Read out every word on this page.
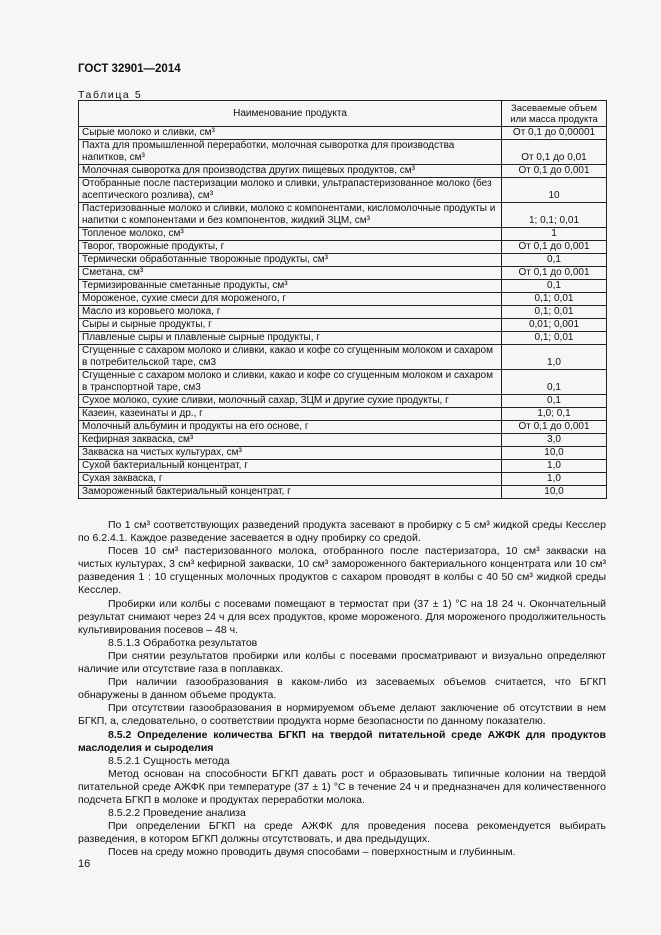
ГОСТ 32901—2014
Таблица 5
Наименование продукта	Засеваемые объем или масса продукта
Сырые молоко и сливки, см³	От 0,1 до 0,00001
Пахта для промышленной переработки, молочная сыворотка для производства напитков, см³	От 0,1 до 0,01
Молочная сыворотка для производства других пищевых продуктов, см³	От 0,1 до 0,001
Отобранные после пастеризации молоко и сливки, ультрапастеризованное молоко (без асептического розлива), см³	10
Пастеризованные молоко и сливки, молоко с компонентами, кисломолочные продукты и напитки с компонентами и без компонентов, жидкий ЗЦМ, см³	1; 0,1; 0,01
Топленое молоко, см³	1
Творог, творожные продукты, г	От 0,1 до 0,001
Термически обработанные творожные продукты, см³	0,1
Сметана, см³	От 0,1 до 0,001
Термизированные сметанные продукты, см³	0,1
Мороженое, сухие смеси для мороженого, г	0,1; 0,01
Масло из коровьего молока, г	0,1; 0,01
Сыры и сырные продукты, г	0,01; 0,001
Плавленые сыры и плавленые сырные продукты, г	0,1; 0,01
Сгущенные с сахаром молоко и сливки, какао и кофе со сгущенным молоком и сахаром в потребительской таре, см3	1,0
Сгущенные с сахаром молоко и сливки, какао и кофе со сгущенным молоком и сахаром в транспортной таре, см3	0,1
Сухое молоко, сухие сливки, молочный сахар, ЗЦМ и другие сухие продукты, г	0,1
Казеин, казеинаты и др., г	1,0; 0,1
Молочный альбумин и продукты на его основе, г	От 0,1 до 0,001
Кефирная закваска, см³	3,0
Закваска на чистых культурах, см³	10,0
Сухой бактериальный концентрат, г	1,0
Сухая закваска, г	1,0
Замороженный бактериальный концентрат, г	10,0

По 1 см³ соответствующих разведений продукта засевают в пробирку с 5 см³ жидкой среды Кесслер по 6.2.4.1. Каждое разведение засевается в одну пробирку со средой.

Посев 10 см³ пастеризованного молока, отобранного после пастеризатора, 10 см³ закваски на чистых культурах, 3 см³ кефирной закваски, 10 см³ замороженного бактериального концентрата или 10 см³ разведения 1 : 10 сгущенных молочных продуктов с сахаром проводят в колбы с 40 50 см³ жидкой среды Кесслер.

Пробирки или колбы с посевами помещают в термостат при (37 ± 1) °С на 18 24 ч. Окончательный результат снимают через 24 ч для всех продуктов, кроме мороженого. Для мороженого продолжительность культивирования посевов – 48 ч.

8.5.1.3 Обработка результатов

При снятии результатов пробирки или колбы с посевами просматривают и визуально определяют наличие или отсутствие газа в поплавках.

При наличии газообразования в каком-либо из засеваемых объемов считается, что БГКП обнаружены в данном объеме продукта.

При отсутствии газообразования в нормируемом объеме делают заключение об отсутствии в нем БГКП, а, следовательно, о соответствии продукта норме безопасности по данному показателю.

8.5.2 Определение количества БГКП на твердой питательной среде АЖФК для продуктов маслоделия и сыроделия

8.5.2.1 Сущность метода

Метод основан на способности БГКП давать рост и образовывать типичные колонии на твердой питательной среде АЖФК при температуре (37 ± 1) °С в течение 24 ч и предназначен для количественного подсчета БГКП в молоке и продуктах переработки молока.

8.5.2.2 Проведение анализа

При определении БГКП на среде АЖФК для проведения посева рекомендуется выбирать разведения, в котором БГКП должны отсутствовать, и два предыдущих.

Посев на среду можно проводить двумя способами – поверхностным и глубинным.

16
